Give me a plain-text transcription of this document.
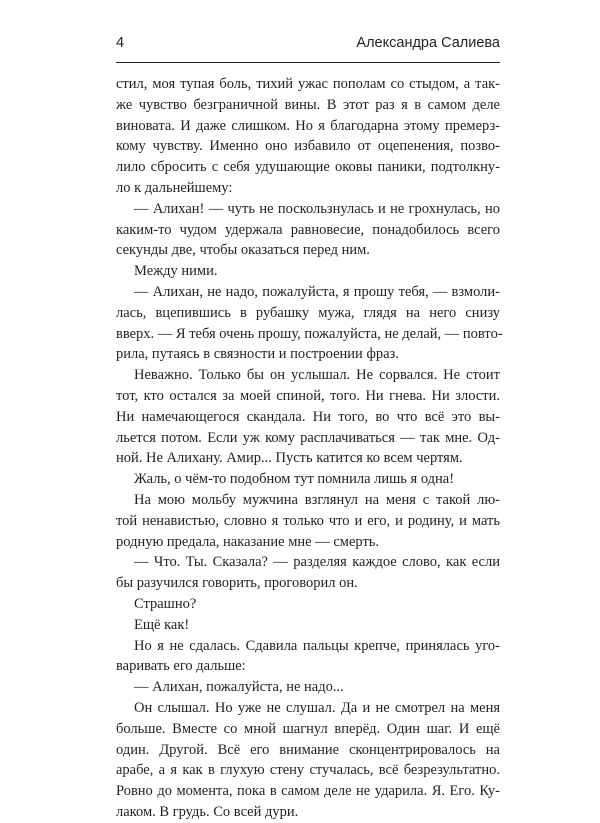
4	Александра Салиева
стил, моя тупая боль, тихий ужас пополам со стыдом, а так-
же чувство безграничной вины. В этот раз я в самом деле
виновата. И даже слишком. Но я благодарна этому премерз-
кому чувству. Именно оно избавило от оцепенения, позво-
лило сбросить с себя удушающие оковы паники, подтолкну-
ло к дальнейшему:
— Алихан! — чуть не поскользнулась и не грохнулась, но
каким-то чудом удержала равновесие, понадобилось всего
секунды две, чтобы оказаться перед ним.
Между ними.
— Алихан, не надо, пожалуйста, я прошу тебя, — взмоли-
лась, вцепившись в рубашку мужа, глядя на него снизу
вверх. — Я тебя очень прошу, пожалуйста, не делай, — повто-
рила, путаясь в связности и построении фраз.
Неважно. Только бы он услышал. Не сорвался. Не стоит
тот, кто остался за моей спиной, того. Ни гнева. Ни злости.
Ни намечающегося скандала. Ни того, во что всё это вы-
льется потом. Если уж кому расплачиваться — так мне. Од-
ной. Не Алихану. Амир... Пусть катится ко всем чертям.
Жаль, о чём-то подобном тут помнила лишь я одна!
На мою мольбу мужчина взглянул на меня с такой лю-
той ненавистью, словно я только что и его, и родину, и мать
родную предала, наказание мне — смерть.
— Что. Ты. Сказала? — разделяя каждое слово, как если
бы разучился говорить, проговорил он.
Страшно?
Ещё как!
Но я не сдалась. Сдавила пальцы крепче, принялась уго-
варивать его дальше:
— Алихан, пожалуйста, не надо...
Он слышал. Но уже не слушал. Да и не смотрел на меня
больше. Вместе со мной шагнул вперёд. Один шаг. И ещё
один. Другой. Всё его внимание сконцентрировалось на
арабе, а я как в глухую стену стучалась, всё безрезультатно.
Ровно до момента, пока в самом деле не ударила. Я. Его. Ку-
лаком. В грудь. Со всей дури.
